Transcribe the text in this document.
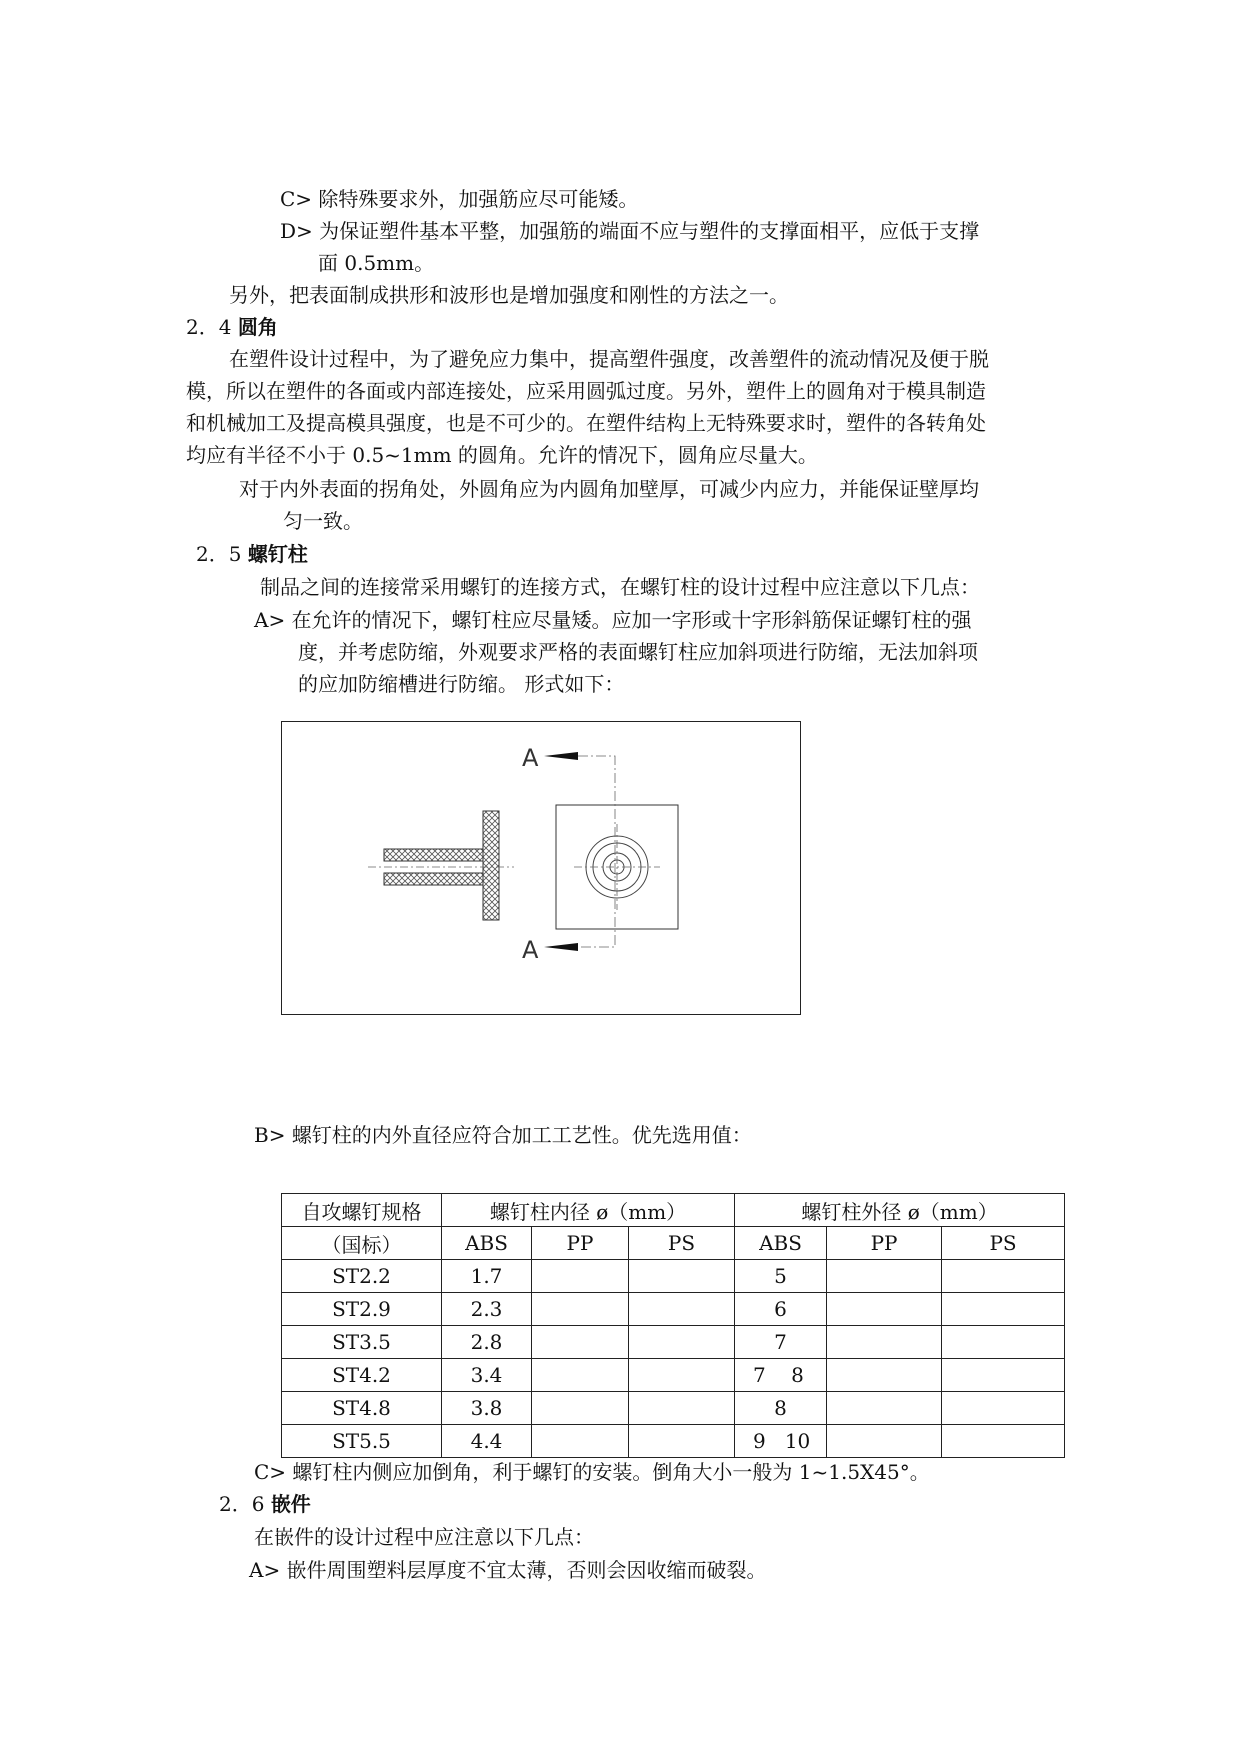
C> 除特殊要求外，加强筋应尽可能矮。
D> 为保证塑件基本平整，加强筋的端面不应与塑件的支撑面相平，应低于支撑
面 0.5mm。
另外，把表面制成拱形和波形也是增加强度和刚性的方法之一。
2．4 圆角
在塑件设计过程中，为了避免应力集中，提高塑件强度，改善塑件的流动情况及便于脱
模，所以在塑件的各面或内部连接处，应采用圆弧过度。另外，塑件上的圆角对于模具制造
和机械加工及提高模具强度，也是不可少的。在塑件结构上无特殊要求时，塑件的各转角处
均应有半径不小于 0.5~1mm 的圆角。允许的情况下，圆角应尽量大。
对于内外表面的拐角处，外圆角应为内圆角加壁厚，可减少内应力，并能保证壁厚均
匀一致。
2．5 螺钉柱
制品之间的连接常采用螺钉的连接方式，在螺钉柱的设计过程中应注意以下几点：
A> 在允许的情况下，螺钉柱应尽量矮。应加一字形或十字形斜筋保证螺钉柱的强
度，并考虑防缩，外观要求严格的表面螺钉柱应加斜项进行防缩，无法加斜项
的应加防缩槽进行防缩。 形式如下：
A
A
B> 螺钉柱的内外直径应符合加工工艺性。优先选用值：
自攻螺钉规格	螺钉柱内径 ø（mm）			螺钉柱外径 ø（mm）		
（国标）	ABS	PP	PS	ABS	PP	PS
ST2.2	1.7			5		
ST2.9	2.3			6		
ST3.5	2.8			7		
ST4.2	3.4			7    8		
ST4.8	3.8			8		
ST5.5	4.4			9   10		
C> 螺钉柱内侧应加倒角，利于螺钉的安装。倒角大小一般为 1~1.5X45°。
2．6 嵌件
在嵌件的设计过程中应注意以下几点：
A> 嵌件周围塑料层厚度不宜太薄，否则会因收缩而破裂。
